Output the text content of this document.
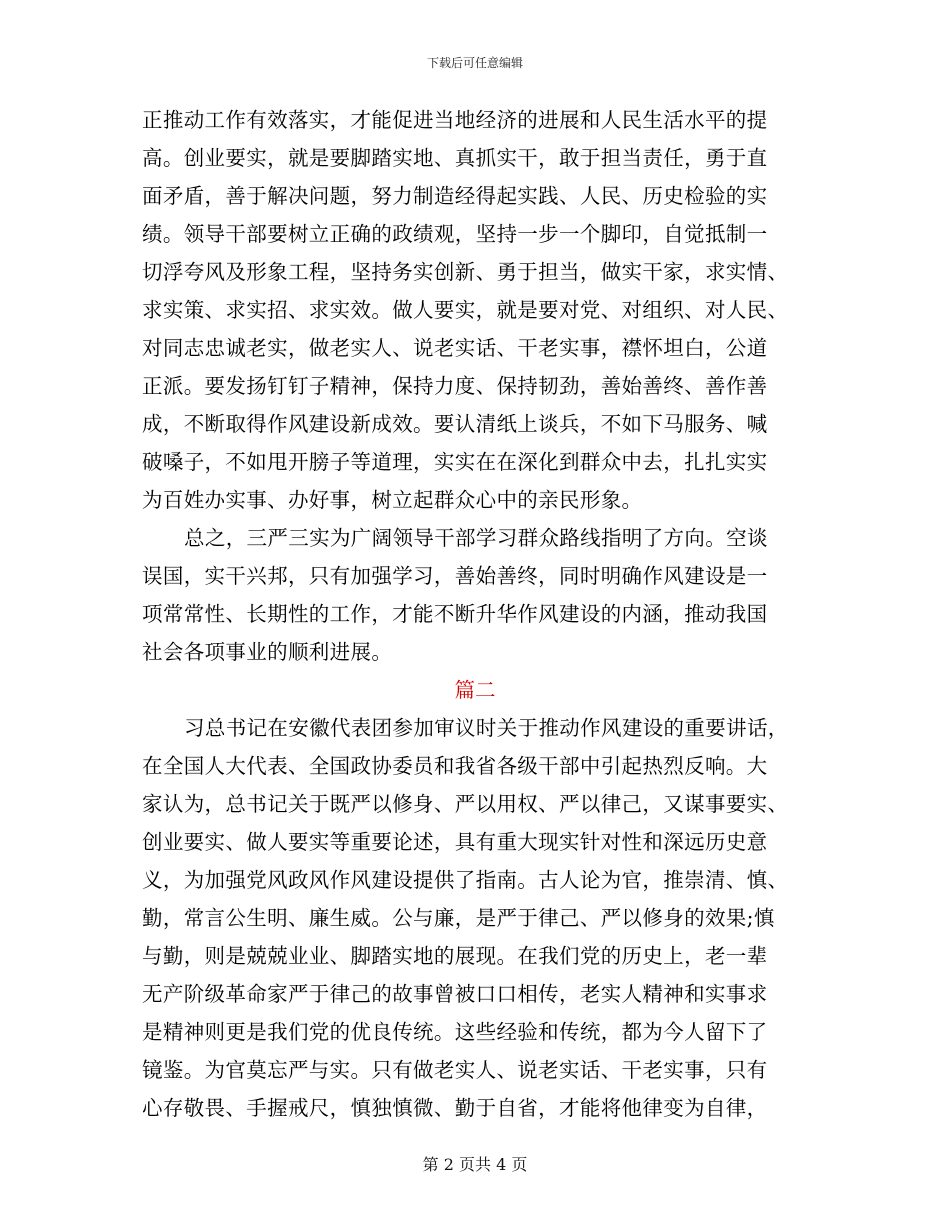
下载后可任意编辑
正推动工作有效落实，才能促进当地经济的进展和人民生活水平的提
高。创业要实，就是要脚踏实地、真抓实干，敢于担当责任，勇于直
面矛盾，善于解决问题，努力制造经得起实践、人民、历史检验的实
绩。领导干部要树立正确的政绩观，坚持一步一个脚印，自觉抵制一
切浮夸风及形象工程，坚持务实创新、勇于担当，做实干家，求实情、
求实策、求实招、求实效。做人要实，就是要对党、对组织、对人民、
对同志忠诚老实，做老实人、说老实话、干老实事，襟怀坦白，公道
正派。要发扬钉钉子精神，保持力度、保持韧劲，善始善终、善作善
成，不断取得作风建设新成效。要认清纸上谈兵，不如下马服务、喊
破嗓子，不如甩开膀子等道理，实实在在深化到群众中去，扎扎实实
为百姓办实事、办好事，树立起群众心中的亲民形象。
总之，三严三实为广阔领导干部学习群众路线指明了方向。空谈
误国，实干兴邦，只有加强学习，善始善终，同时明确作风建设是一
项常常性、长期性的工作，才能不断升华作风建设的内涵，推动我国
社会各项事业的顺利进展。
篇二
习总书记在安徽代表团参加审议时关于推动作风建设的重要讲话，
在全国人大代表、全国政协委员和我省各级干部中引起热烈反响。大
家认为，总书记关于既严以修身、严以用权、严以律己，又谋事要实、
创业要实、做人要实等重要论述，具有重大现实针对性和深远历史意
义，为加强党风政风作风建设提供了指南。古人论为官，推崇清、慎、
勤，常言公生明、廉生威。公与廉，是严于律己、严以修身的效果;慎
与勤，则是兢兢业业、脚踏实地的展现。在我们党的历史上，老一辈
无产阶级革命家严于律己的故事曾被口口相传，老实人精神和实事求
是精神则更是我们党的优良传统。这些经验和传统，都为今人留下了
镜鉴。为官莫忘严与实。只有做老实人、说老实话、干老实事，只有
心存敬畏、手握戒尺，慎独慎微、勤于自省，才能将他律变为自律，
第 2 页共 4 页
